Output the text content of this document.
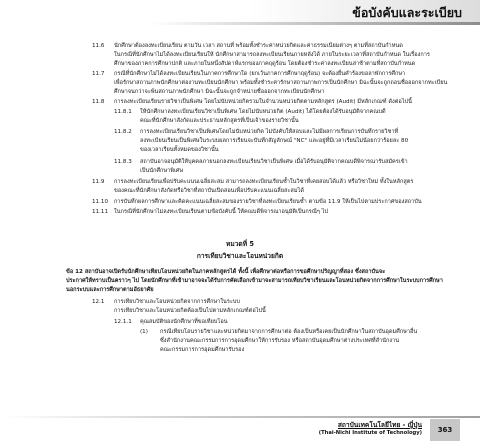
ข้อบังคับและระเบียบ
11.6 นักศึกษาต้องลงทะเบียนเรียน ตามวัน เวลา สถานที่ พร้อมทั้งชำระค่าหน่วยกิตและค่าธรรมเนียมต่างๆ ตามที่สถาบันกำหนด
ในกรณีที่นักศึกษาไม่ได้ลงทะเบียนเรียนให้ นักศึกษาสามารถลงทะเบียนเรียนภายหลังได้ ภายในระยะเวลาที่สถาบันกำหนด ในเรื่องการ
ศึกษาของภาคการศึกษาปกติ และภายในหนึ่งสัปดาห์แรกของภาคฤดูร้อน โดยต้องชำระค่าลงทะเบียนล่าช้าตามที่สถาบันกำหนด
11.7 กรณีที่นักศึกษาไม่ได้ลงทะเบียนเรียนในภาคการศึกษาใด (ยกเว้นภาคการศึกษาฤดูร้อน) จะต้องยื่นคำร้องขอลาพักการศึกษา
เพื่อรักษาสถานภาพนักศึกษาต่องานทะเบียนนักศึกษา พร้อมทั้งชำระค่ารักษาสถานภาพการเป็นนักศึกษา มิฉะนั้นจะถูกถอนชื่อออกจากทะเบียน
ศึกษาจนกว่าจะพ้นสถานภาพนักศึกษา มิฉะนั้นจะถูกจำหน่ายชื่อออกจากทะเบียนนักศึกษา
11.8 การลงทะเบียนเรียนรายวิชาเป็นพิเศษ โดยไม่นับหน่วยกิตรวมในจำนวนหน่วยกิตตามหลักสูตร (Audit) มีหลักเกณฑ์ ดังต่อไปนี้
11.8.1 ให้นักศึกษาลงทะเบียนเรียนวิชาเป็นพิเศษ โดยไม่นับหน่วยกิต (Audit) ได้โดยต้องได้รับอนุมัติจากคณบดี
คณะที่นักศึกษาสังกัดและประธานหลักสูตรที่เป็นเจ้าของรายวิชานั้น
11.8.2 การลงทะเบียนเรียนวิชาเป็นพิเศษโดยไม่นับหน่วยกิต ไม่บังคับให้สอบและไม่มีผลการเรียนการบันทึกรายวิชาที่
ลงทะเบียนเรียนเป็นพิเศษในระบบผลการเรียนจะบันทึกสัญลักษณ์ "NC" และอยู่ที่มีเวลาเรียนไม่น้อยกว่าร้อยละ 80
ของเวลาเรียนทั้งหมดของวิชานั้น
11.8.3 สถาบันอาจอนุมัติให้บุคคลภายนอกลงทะเบียนเรียนวิชาเป็นพิเศษ เมื่อได้รับอนุมัติจากคณบดีพิจารณารับสมัครเข้า
เป็นนักศึกษาพิเศษ
11.9 การลงทะเบียนเรียนเพื่อปรับคะแนนเฉลี่ยสะสม สามารถลงทะเบียนเรียนซ้ำในวิชาที่เคยสอบได้แล้ว หรือวิชาใหม่ ทั้งในหลักสูตร
ของคณะที่นักศึกษาสังกัดหรือวิชาที่สถาบันเปิดสอนเพื่อปรับคะแนนเฉลี่ยสะสมได้
11.10 การบันทึกผลการศึกษาและคิดคะแนนเฉลี่ยสะสมของรายวิชาที่ลงทะเบียนเรียนซ้ำ ตามข้อ 11.9 ให้เป็นไปตามประกาศของสถาบัน
11.11 ในกรณีที่นักศึกษาไม่ลงทะเบียนเรียนตามข้อบังคับนี้ ให้คณบดีพิจารณาอนุมัติเป็นกรณีๆ ไป
หมวดที่ 5
การเทียบวิชาและโอนหน่วยกิต
ข้อ 12 สถาบันอาจเปิดรับนักศึกษาเทียบโอนหน่วยกิตในภาคหลักสูตรได้ ทั้งนี้ เพื่อศึกษาต่อหรือการขอศึกษาปริญญาที่สอง ซึ่งสถาบันจะ
ประกาศให้ทราบเป็นคราวๆ ไป โดยนักศึกษาที่เข้ามาอาจจะได้รับการคัดเลือกเข้ามาจะสามารถเทียบวิชาเรียนและโอนหน่วยกิตจากการศึกษาในระบบการศึกษา
นอกระบบและการศึกษาตามอัธยาศัย
12.1 การเทียบวิชาและโอนหน่วยกิตจากการศึกษาในระบบ
การเทียบวิชาและโอนหน่วยกิตต้องเป็นไปตามหลักเกณฑ์ต่อไปนี้
12.1.1 คุณสมบัติของนักศึกษาที่ขอเทียบโอน
(1) กรณีเทียบโอนรายวิชาและหน่วยกิตมาจากการศึกษาต่อ ต้องเป็นหรือเคยเป็นนักศึกษาในสถาบันอุดมศึกษาอื่น
ซึ่งสำนักงานคณะกรรมการการอุดมศึกษาให้การรับรอง หรือสถาบันอุดมศึกษาต่างประเทศที่สำนักงาน
คณะกรรมการการอุดมศึกษารับรอง
สถาบันเทคโนโลยีไทย - ญี่ปุ่น
(Thai-Nichi Institute of Technology)	363
